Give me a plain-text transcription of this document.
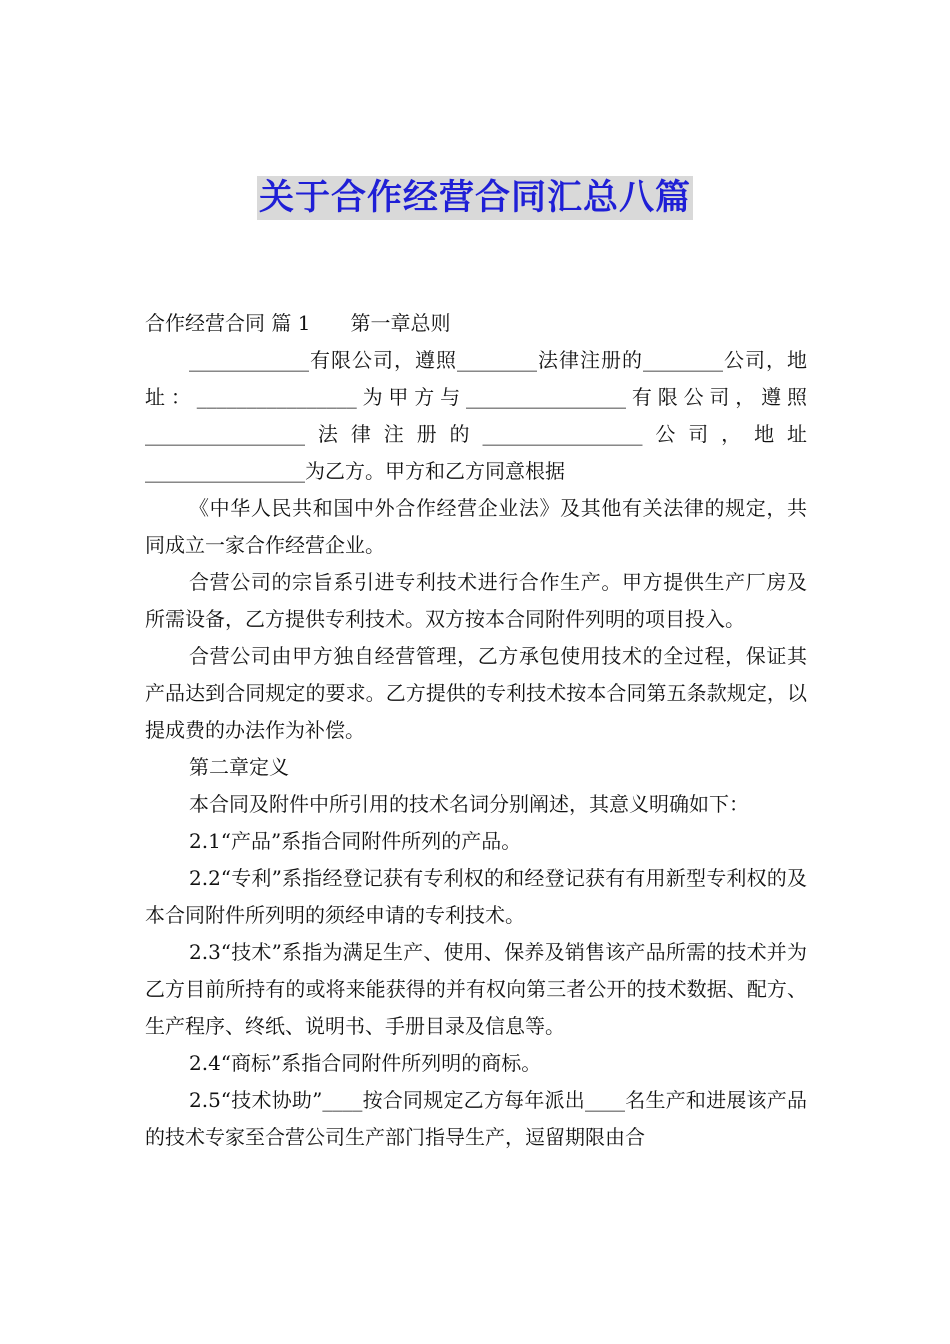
关于合作经营合同汇总八篇

合作经营合同 篇 1 第一章总则

____________有限公司，遵照________法律注册的________公司，地址：________________为甲方与________________有限公司，遵照________________法律注册的________________公司，地址________________为乙方。甲方和乙方同意根据

《中华人民共和国中外合作经营企业法》及其他有关法律的规定，共同成立一家合作经营企业。

合营公司的宗旨系引进专利技术进行合作生产。甲方提供生产厂房及所需设备，乙方提供专利技术。双方按本合同附件列明的项目投入。

合营公司由甲方独自经营管理，乙方承包使用技术的全过程，保证其产品达到合同规定的要求。乙方提供的专利技术按本合同第五条款规定，以提成费的办法作为补偿。

第二章定义

本合同及附件中所引用的技术名词分别阐述，其意义明确如下：

2.1“产品”系指合同附件所列的产品。

2.2“专利”系指经登记获有专利权的和经登记获有有用新型专利权的及本合同附件所列明的须经申请的专利技术。

2.3“技术”系指为满足生产、使用、保养及销售该产品所需的技术并为乙方目前所持有的或将来能获得的并有权向第三者公开的技术数据、配方、生产程序、终纸、说明书、手册目录及信息等。

2.4“商标”系指合同附件所列明的商标。

2.5“技术协助”____按合同规定乙方每年派出____名生产和进展该产品的技术专家至合营公司生产部门指导生产，逗留期限由合
